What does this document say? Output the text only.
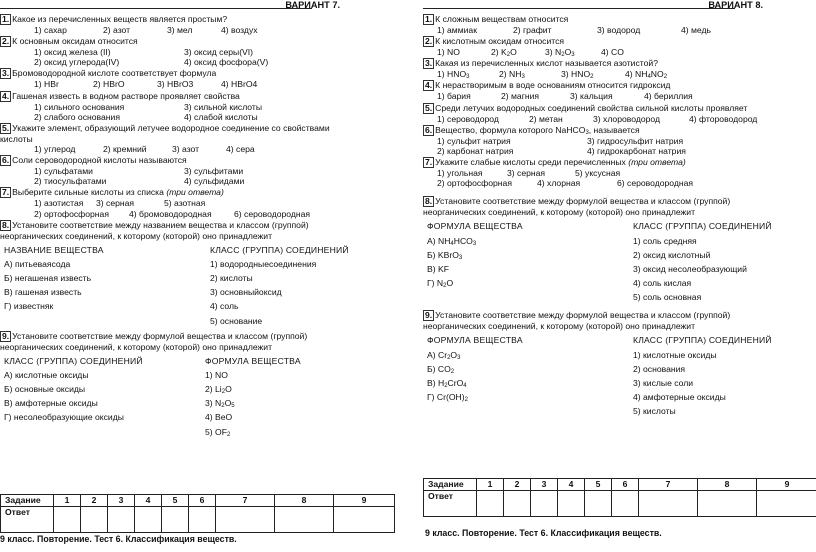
ВАРИАНТ 7.
1. Какое из перечисленных веществ является простым?
1) сахар	2) азот	3) мел	4) воздух
2. К основным оксидам относится
1) оксид железа (II)	3) оксид серы(VI)
2) оксид углерода(IV)	4) оксид фосфора(V)
3. Бромоводородной кислоте соответствует формула
1) HBr	2) HBrO	3) HBrO3	4) HBrO4
4. Гашеная известь в водном растворе проявляет свойства
1) сильного основания	3) сильной кислоты
2) слабого основания	4) слабой кислоты
5. Укажите элемент, образующий летучее водородное соединение со свойствами
кислоты
1) углерод	2) кремний	3) азот	4) сера
6. Соли сероводородной кислоты называются
1) сульфатами	3) сульфитами
2) тиосульфатами	4) сульфидами
7. Выберите сильные кислоты из списка (три ответа)
1) азотистая	3) серная	5) азотная
2) ортофосфорная	4) бромоводородная	6) сероводородная
8. Установите соответствие между названием вещества и классом (группой)
неорганических соединений, к которому (которой) оно принадлежит
НАЗВАНИЕ ВЕЩЕСТВА	КЛАСС (ГРУППА) СОЕДИНЕНИЙ
А) питьеваясода	1) водородныесоединения
Б) негашеная известь	2) кислоты
В) гашеная известь	3) основныйоксид
Г) известняк	4) соль
5) основание
9. Установите соответствие между формулой вещества и классом (группой)
неорганических соединений, к которому (которой) оно принадлежит
КЛАСС (ГРУППА) СОЕДИНЕНИЙ	ФОРМУЛА ВЕЩЕСТВА
А) кислотные оксиды	1) NO
Б) основные оксиды	2) $Li_2O$
В) амфотерные оксиды	3) $N_2O_5$
Г) несолеобразующие оксиды	4) BeO
5) $OF_2$
Задание	1	2	3	4	5	6	7	8	9
Ответ									
9 класс. Повторение. Тест 6. Классификация веществ.
ВАРИАНТ 8.
1. К сложным веществам относится
1) аммиак	2) графит	3) водород	4) медь
2. К кислотным оксидам относится
1) NO	2) $K_2O$	3) $N_2O_3$	4) CO
3. Какая из перечисленных кислот называется азотистой?
1) $HNO_3$	2) $NH_3$	3) $HNO_2$	4) $NH_4NO_2$
4. К нерастворимым в воде основаниям относится гидроксид
1) бария	2) магния	3) кальция	4) бериллия
5. Среди летучих водородных соединений свойства сильной кислоты проявляет
1) сероводород	2) метан	3) хлороводород	4) фтороводород
6. Вещество, формула которого NaHCO$_3$, называется
1) сульфит натрия	3) гидросульфит натрия
2) карбонат натрия	4) гидрокарбонат натрия
7. Укажите слабые кислоты среди перечисленных (три ответа)
1) угольная	3) серная	5) уксусная
2) ортофосфорная	4) хлорная	6) сероводородная
8. Установите соответствие между формулой вещества и классом (группой)
неорганических соединений, к которому (которой) оно принадлежит
ФОРМУЛА ВЕЩЕСТВА	КЛАСС (ГРУППА) СОЕДИНЕНИЙ
А) $NH_4HCO_3$	1) соль средняя
Б) KBrO$_3$	2) оксид кислотный
В) KF	3) оксид несолеобразующий
Г) $N_2O$	4) соль кислая
5) соль основная
9. Установите соответствие между формулой вещества и классом (группой)
неорганических соединений, к которому (которой) оно принадлежит
ФОРМУЛА ВЕЩЕСТВА	КЛАСС (ГРУППА) СОЕДИНЕНИЙ
А) $Cr_2O_3$	1) кислотные оксиды
Б) $CO_2$	2) основания
В) $H_2CrO_4$	3) кислые соли
Г) $Cr(OH)_2$	4) амфотерные оксиды
5) кислоты
Задание	1	2	3	4	5	6	7	8	9
Ответ									
9 класс. Повторение. Тест 6. Классификация веществ.
